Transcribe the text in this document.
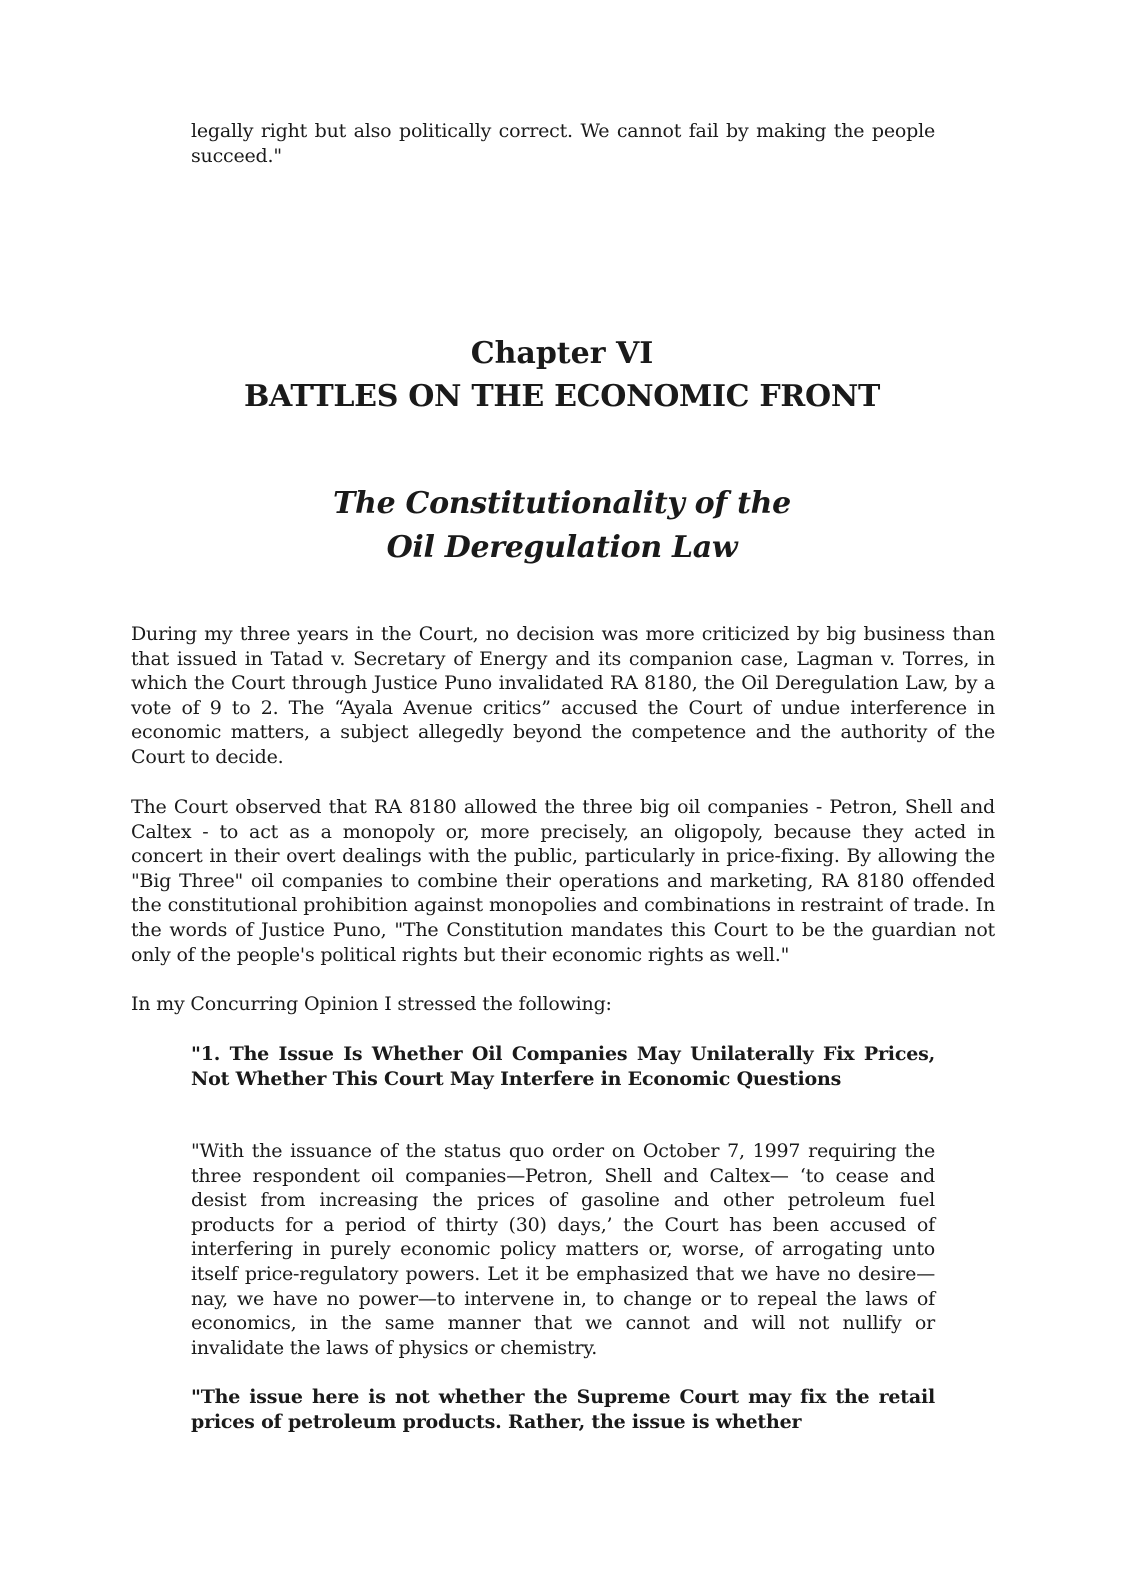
legally right but also politically correct. We cannot fail by making the people succeed."

Chapter VI
BATTLES ON THE ECONOMIC FRONT
The Constitutionality of the
Oil Deregulation Law

During my three years in the Court, no decision was more criticized by big business than that issued in Tatad v. Secretary of Energy and its companion case, Lagman v. Torres, in which the Court through Justice Puno invalidated RA 8180, the Oil Deregulation Law, by a vote of 9 to 2. The “Ayala Avenue critics” accused the Court of undue interference in economic matters, a subject allegedly beyond the competence and the authority of the Court to decide.

The Court observed that RA 8180 allowed the three big oil companies - Petron, Shell and Caltex - to act as a monopoly or, more precisely, an oligopoly, because they acted in concert in their overt dealings with the public, particularly in price-fixing. By allowing the "Big Three" oil companies to combine their operations and marketing, RA 8180 offended the constitutional prohibition against monopolies and combinations in restraint of trade. In the words of Justice Puno, "The Constitution mandates this Court to be the guardian not only of the people's political rights but their economic rights as well."

In my Concurring Opinion I stressed the following:

"1. The Issue Is Whether Oil Companies May Unilaterally Fix Prices, Not Whether This Court May Interfere in Economic Questions

"With the issuance of the status quo order on October 7, 1997 requiring the three respondent oil companies—Petron, Shell and Caltex— ‘to cease and desist from increasing the prices of gasoline and other petroleum fuel products for a period of thirty (30) days,’ the Court has been accused of interfering in purely economic policy matters or, worse, of arrogating unto itself price-regulatory powers. Let it be emphasized that we have no desire—nay, we have no power—to intervene in, to change or to repeal the laws of economics, in the same manner that we cannot and will not nullify or invalidate the laws of physics or chemistry.

"The issue here is not whether the Supreme Court may fix the retail prices of petroleum products. Rather, the issue is whether
